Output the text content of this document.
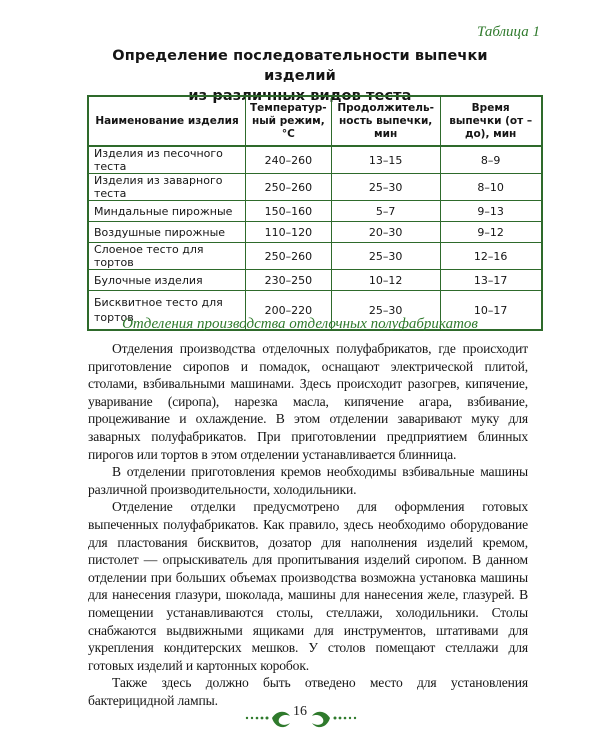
Таблица 1
Определение последовательности выпечки изделий
из различных видов теста
Наименование изделия	Температур-ный режим, °С	Продолжитель-ность выпечки, мин	Время выпечки (от – до), мин
Изделия из песочного теста	240–260	13–15	8–9
Изделия из заварного теста	250–260	25–30	8–10
Миндальные пирожные	150–160	5–7	9–13
Воздушные пирожные	110–120	20–30	9–12
Слоеное тесто для тортов	250–260	25–30	12–16
Булочные изделия	230–250	10–12	13–17
Бисквитное тесто для тортов	200–220	25–30	10–17
Отделения производства отделочных полуфабрикатов

Отделения производства отделочных полуфабрикатов, где происходит приготовление сиропов и помадок, оснащают электрической плитой, столами, взбивальными машинами. Здесь происходит разогрев, кипячение, уваривание (сиропа), нарезка масла, кипячение агара, взбивание, процеживание и охлаждение. В этом отделении заваривают муку для заварных полуфабрикатов. При приготовлении предприятием блинных пирогов или тортов в этом отделении устанавливается блинница.

В отделении приготовления кремов необходимы взбивальные машины различной производительности, холодильники.

Отделение отделки предусмотрено для оформления готовых выпеченных полуфабрикатов. Как правило, здесь необходимо оборудование для пластования бисквитов, дозатор для наполнения изделий кремом, пистолет — опрыскиватель для пропитывания изделий сиропом. В данном отделении при больших объемах производства возможна установка машины для нанесения глазури, шоколада, машины для нанесения желе, глазурей. В помещении устанавливаются столы, стеллажи, холодильники. Столы снабжаются выдвижными ящиками для инструментов, штативами для укрепления кондитерских мешков. У столов помещают стеллажи для готовых изделий и картонных коробок.

Также здесь должно быть отведено место для установления бактерицидной лампы.

16
